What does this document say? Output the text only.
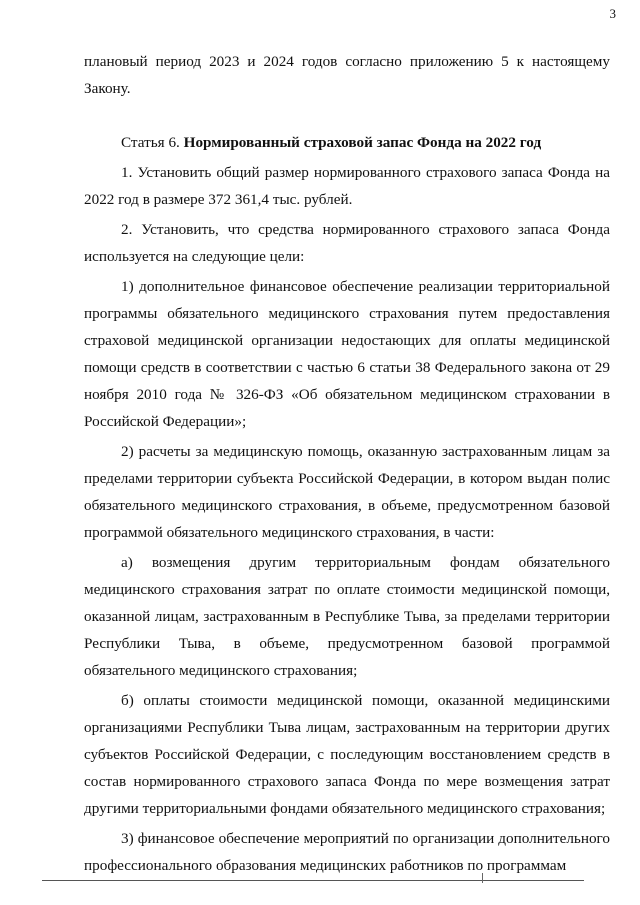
3

плановый период 2023 и 2024 годов согласно приложению 5 к настоящему Закону.

Статья 6. Нормированный страховой запас Фонда на 2022 год

1. Установить общий размер нормированного страхового запаса Фонда на 2022 год в размере 372 361,4 тыс. рублей.

2. Установить, что средства нормированного страхового запаса Фонда используется на следующие цели:

1) дополнительное финансовое обеспечение реализации территориальной программы обязательного медицинского страхования путем предоставления страховой медицинской организации недостающих для оплаты медицинской помощи средств в соответствии с частью 6 статьи 38 Федерального закона от 29 ноября 2010 года № 326-ФЗ «Об обязательном медицинском страховании в Российской Федерации»;

2) расчеты за медицинскую помощь, оказанную застрахованным лицам за пределами территории субъекта Российской Федерации, в котором выдан полис обязательного медицинского страхования, в объеме, предусмотренном базовой программой обязательного медицинского страхования, в части:

а) возмещения другим территориальным фондам обязательного медицинского страхования затрат по оплате стоимости медицинской помощи, оказанной лицам, застрахованным в Республике Тыва, за пределами территории Республики Тыва, в объеме, предусмотренном базовой программой обязательного медицинского страхования;

б) оплаты стоимости медицинской помощи, оказанной медицинскими организациями Республики Тыва лицам, застрахованным на территории других субъектов Российской Федерации, с последующим восстановлением средств в состав нормированного страхового запаса Фонда по мере возмещения затрат другими территориальными фондами обязательного медицинского страхования;

3) финансовое обеспечение мероприятий по организации дополнительного профессионального образования медицинских работников по программам
